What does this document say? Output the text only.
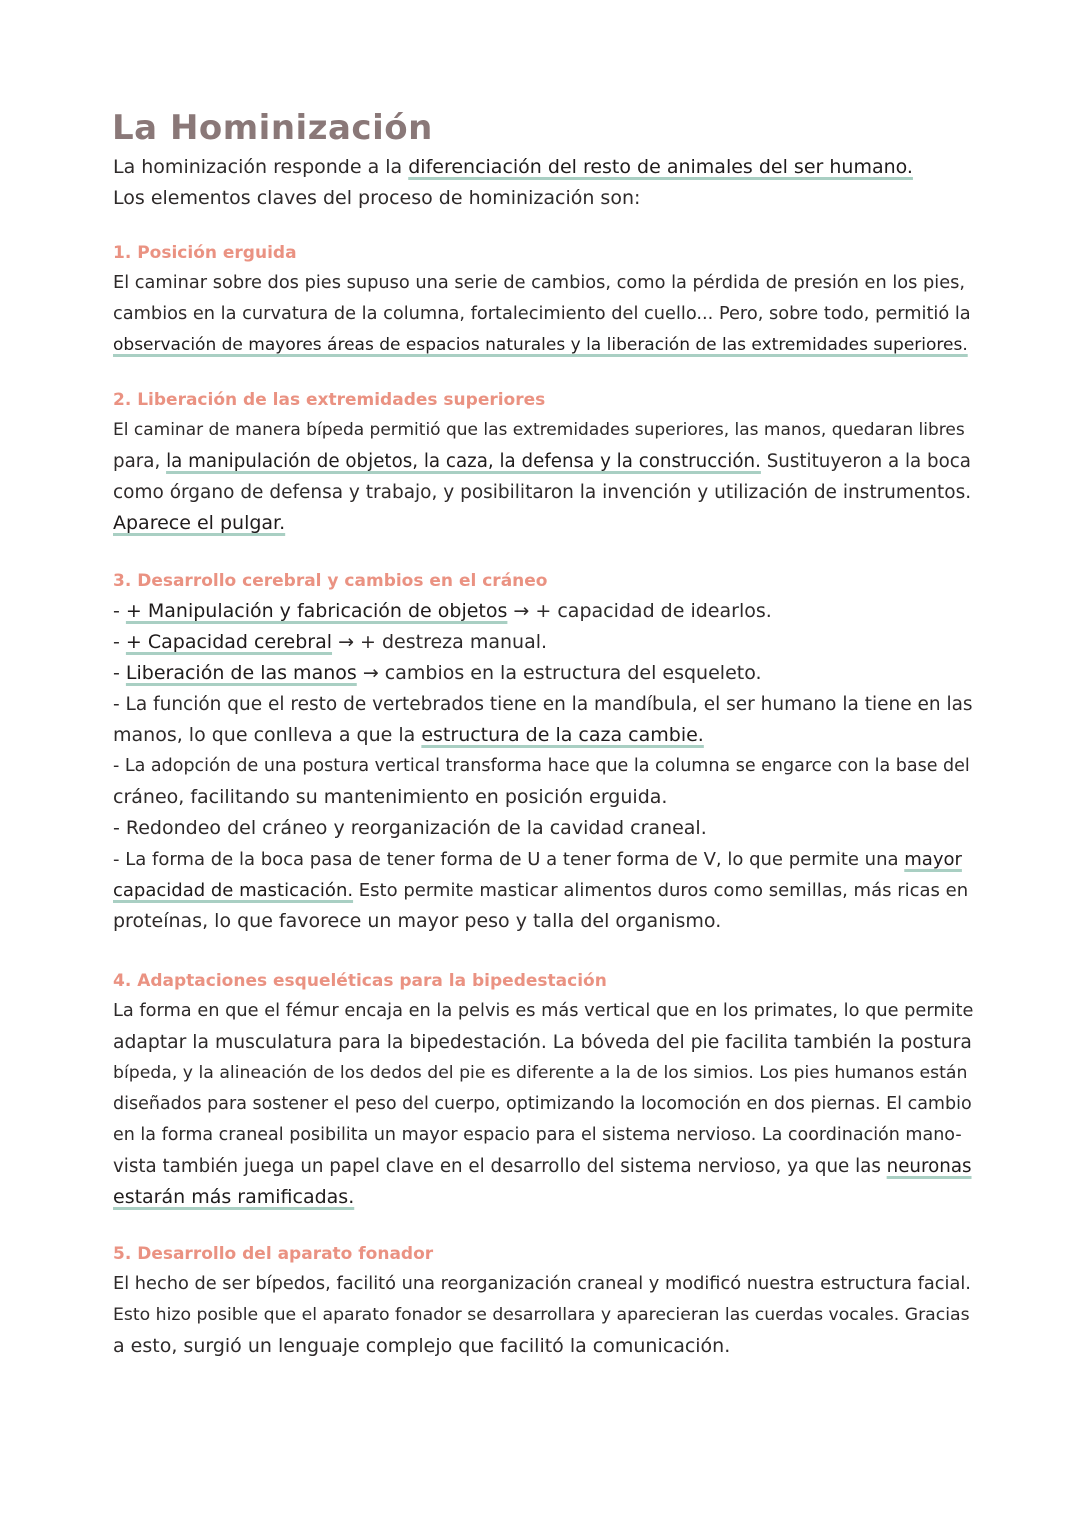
La Hominización

La hominización responde a la diferenciación del resto de animales del ser humano.
Los elementos claves del proceso de hominización son:

1. Posición erguida

El caminar sobre dos pies supuso una serie de cambios, como la pérdida de presión en los pies,
cambios en la curvatura de la columna, fortalecimiento del cuello... Pero, sobre todo, permitió la
observación de mayores áreas de espacios naturales y la liberación de las extremidades superiores.

2. Liberación de las extremidades superiores

El caminar de manera bípeda permitió que las extremidades superiores, las manos, quedaran libres
para, la manipulación de objetos, la caza, la defensa y la construcción. Sustituyeron a la boca
como órgano de defensa y trabajo, y posibilitaron la invención y utilización de instrumentos.
Aparece el pulgar.

3. Desarrollo cerebral y cambios en el cráneo

- + Manipulación y fabricación de objetos → + capacidad de idearlos.
- + Capacidad cerebral → + destreza manual.
- Liberación de las manos → cambios en la estructura del esqueleto.
- La función que el resto de vertebrados tiene en la mandíbula, el ser humano la tiene en las
manos, lo que conlleva a que la estructura de la caza cambie.
- La adopción de una postura vertical transforma hace que la columna se engarce con la base del
cráneo, facilitando su mantenimiento en posición erguida.
- Redondeo del cráneo y reorganización de la cavidad craneal.
- La forma de la boca pasa de tener forma de U a tener forma de V, lo que permite una mayor
capacidad de masticación. Esto permite masticar alimentos duros como semillas, más ricas en
proteínas, lo que favorece un mayor peso y talla del organismo.

4. Adaptaciones esqueléticas para la bipedestación

La forma en que el fémur encaja en la pelvis es más vertical que en los primates, lo que permite
adaptar la musculatura para la bipedestación. La bóveda del pie facilita también la postura
bípeda, y la alineación de los dedos del pie es diferente a la de los simios. Los pies humanos están
diseñados para sostener el peso del cuerpo, optimizando la locomoción en dos piernas. El cambio
en la forma craneal posibilita un mayor espacio para el sistema nervioso. La coordinación mano-
vista también juega un papel clave en el desarrollo del sistema nervioso, ya que las neuronas
estarán más ramificadas.

5. Desarrollo del aparato fonador

El hecho de ser bípedos, facilitó una reorganización craneal y modificó nuestra estructura facial.
Esto hizo posible que el aparato fonador se desarrollara y aparecieran las cuerdas vocales. Gracias
a esto, surgió un lenguaje complejo que facilitó la comunicación.
